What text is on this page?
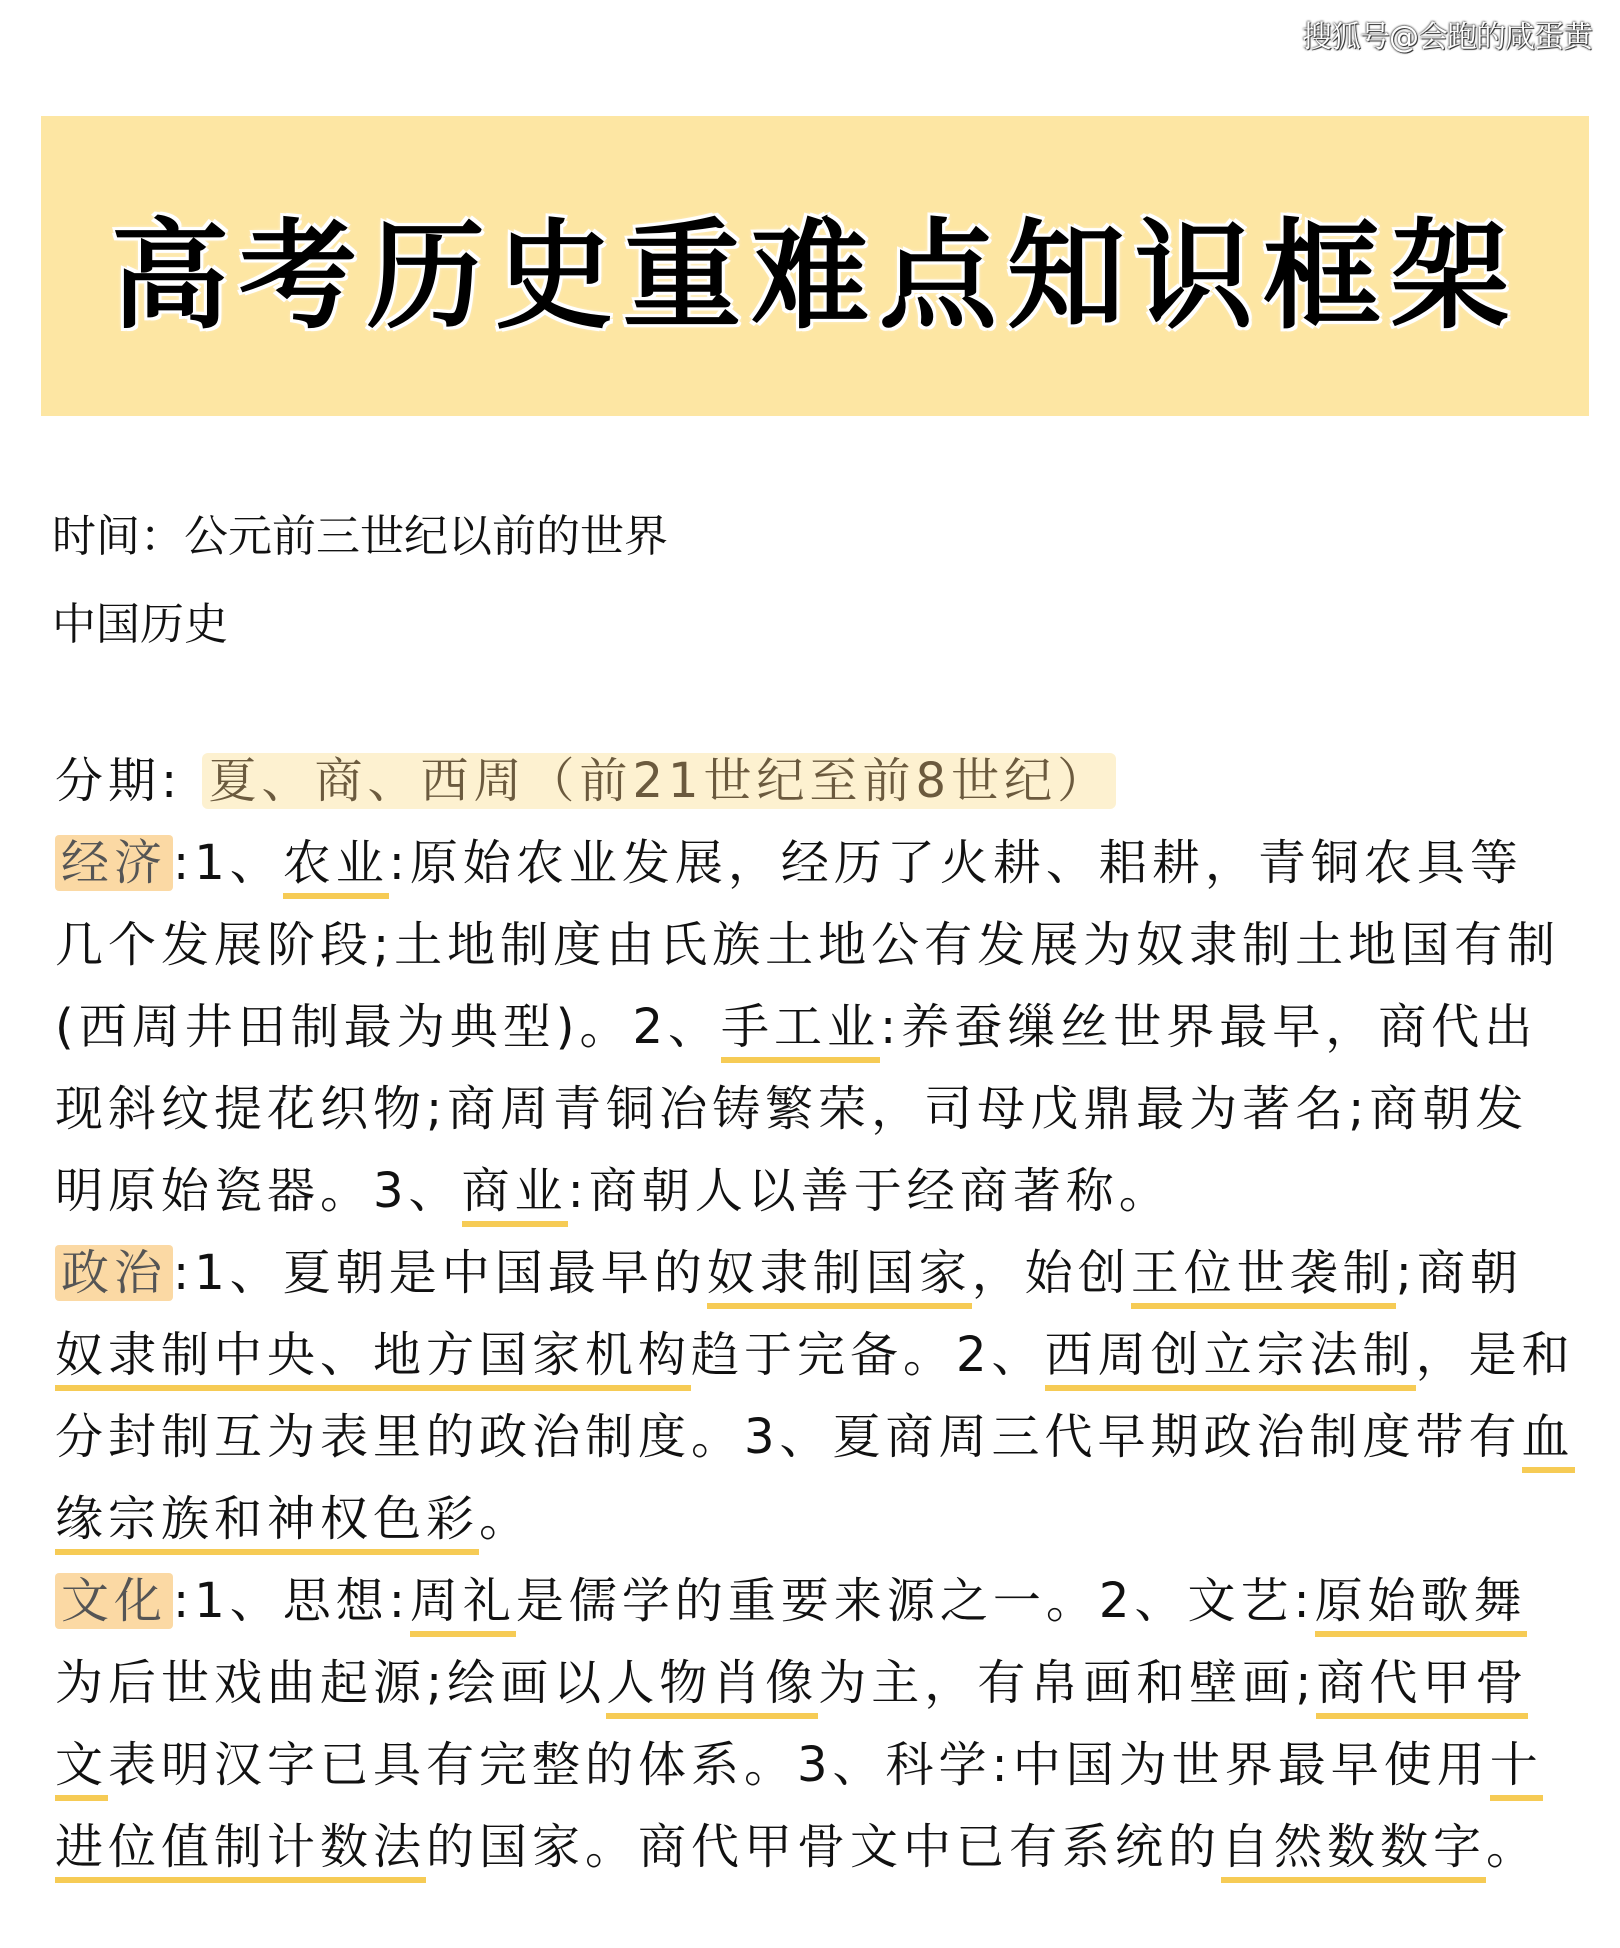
搜狐号@会跑的咸蛋黄
高考历史重难点知识框架
时间：公元前三世纪以前的世界
中国历史

分期: 夏、商、西周（前21世纪至前8世纪）

经济 :1、农业:原始农业发展，经历了火耕、耜耕，青铜农具等几个发展阶段;土地制度由氏族土地公有发展为奴隶制土地国有制(西周井田制最为典型)。2、手工业:养蚕缫丝世界最早，商代出现斜纹提花织物;商周青铜冶铸繁荣，司母戊鼎最为著名;商朝发明原始瓷器。3、商业:商朝人以善于经商著称。

政治 :1、夏朝是中国最早的奴隶制国家，始创王位世袭制;商朝奴隶制中央、地方国家机构趋于完备。2、西周创立宗法制，是和分封制互为表里的政治制度。3、夏商周三代早期政治制度带有血缘宗族和神权色彩。

文化 :1、思想:周礼是儒学的重要来源之一。2、文艺:原始歌舞为后世戏曲起源;绘画以人物肖像为主，有帛画和壁画;商代甲骨文表明汉字已具有完整的体系。3、科学:中国为世界最早使用十进位值制计数法的国家。商代甲骨文中已有系统的自然数数字。
